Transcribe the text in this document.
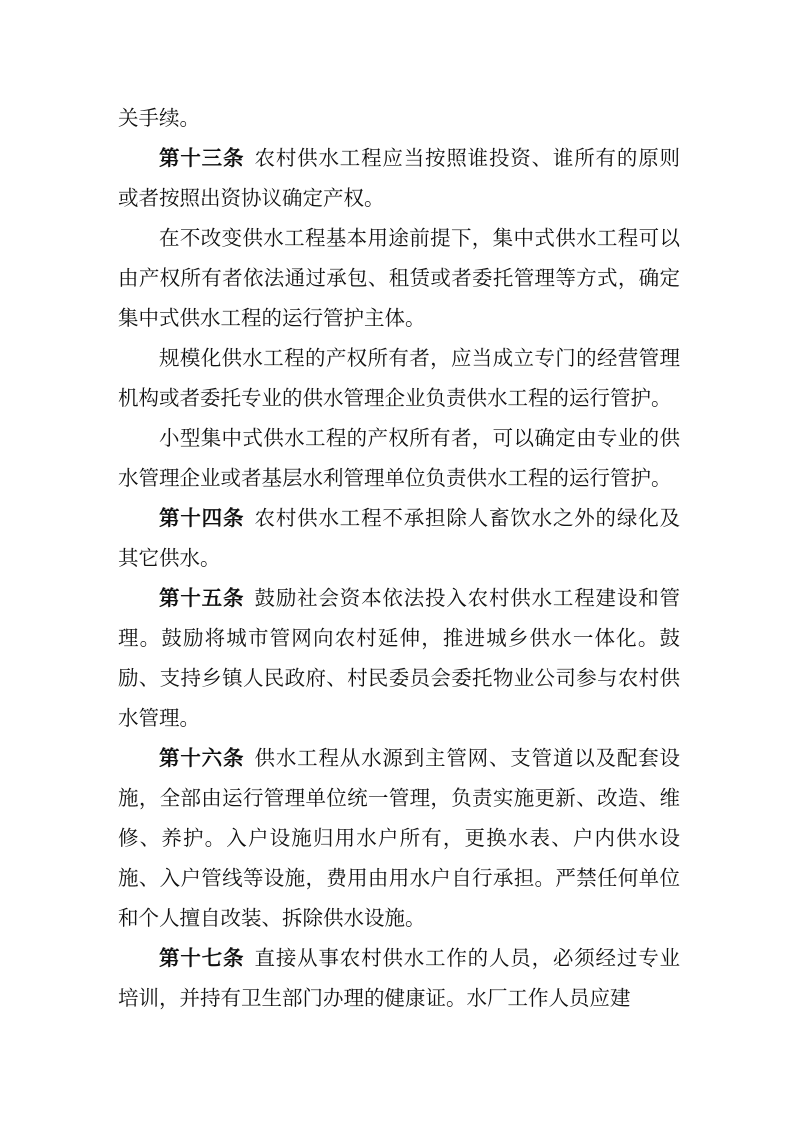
关手续。

第十三条 农村供水工程应当按照谁投资、谁所有的原则或者按照出资协议确定产权。

在不改变供水工程基本用途前提下，集中式供水工程可以由产权所有者依法通过承包、租赁或者委托管理等方式，确定集中式供水工程的运行管护主体。

规模化供水工程的产权所有者，应当成立专门的经营管理机构或者委托专业的供水管理企业负责供水工程的运行管护。

小型集中式供水工程的产权所有者，可以确定由专业的供水管理企业或者基层水利管理单位负责供水工程的运行管护。

第十四条 农村供水工程不承担除人畜饮水之外的绿化及其它供水。

第十五条 鼓励社会资本依法投入农村供水工程建设和管理。鼓励将城市管网向农村延伸，推进城乡供水一体化。鼓励、支持乡镇人民政府、村民委员会委托物业公司参与农村供水管理。

第十六条 供水工程从水源到主管网、支管道以及配套设施，全部由运行管理单位统一管理，负责实施更新、改造、维修、养护。入户设施归用水户所有，更换水表、户内供水设施、入户管线等设施，费用由用水户自行承担。严禁任何单位和个人擅自改装、拆除供水设施。

第十七条 直接从事农村供水工作的人员，必须经过专业培训，并持有卫生部门办理的健康证。水厂工作人员应建
